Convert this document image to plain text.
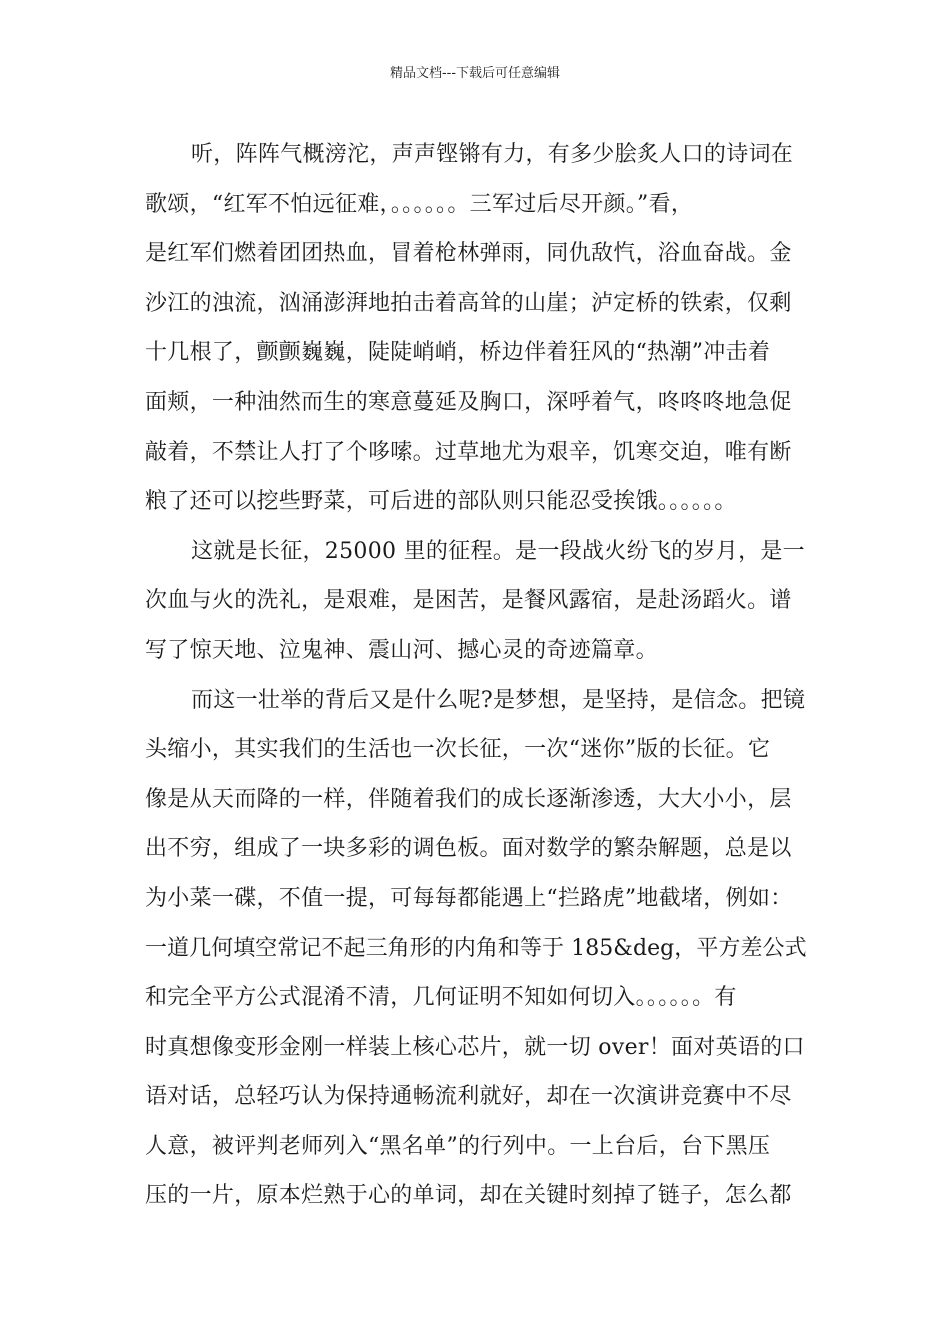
精品文档---下载后可任意编辑
听，阵阵气概滂沱，声声铿锵有力，有多少脍炙人口的诗词在
歌颂，“红军不怕远征难，。。。。。。三军过后尽开颜。”看，
是红军们燃着团团热血，冒着枪林弹雨，同仇敌忾，浴血奋战。金
沙江的浊流，汹涌澎湃地拍击着高耸的山崖；泸定桥的铁索，仅剩
十几根了，颤颤巍巍，陡陡峭峭，桥边伴着狂风的“热潮”冲击着
面颊，一种油然而生的寒意蔓延及胸口，深呼着气，咚咚咚地急促
敲着，不禁让人打了个哆嗦。过草地尤为艰辛，饥寒交迫，唯有断
粮了还可以挖些野菜，可后进的部队则只能忍受挨饿。。。。。。
这就是长征，25000 里的征程。是一段战火纷飞的岁月，是一
次血与火的洗礼，是艰难，是困苦，是餐风露宿，是赴汤蹈火。谱
写了惊天地、泣鬼神、震山河、撼心灵的奇迹篇章。
而这一壮举的背后又是什么呢?是梦想，是坚持，是信念。把镜
头缩小，其实我们的生活也一次长征，一次“迷你”版的长征。它
像是从天而降的一样，伴随着我们的成长逐渐渗透，大大小小，层
出不穷，组成了一块多彩的调色板。面对数学的繁杂解题，总是以
为小菜一碟，不值一提，可每每都能遇上“拦路虎”地截堵，例如：
一道几何填空常记不起三角形的内角和等于 185&deg，平方差公式
和完全平方公式混淆不清，几何证明不知如何切入。。。。。。有
时真想像变形金刚一样装上核心芯片，就一切 over！面对英语的口
语对话，总轻巧认为保持通畅流利就好，却在一次演讲竞赛中不尽
人意，被评判老师列入“黑名单”的行列中。一上台后，台下黑压
压的一片，原本烂熟于心的单词，却在关键时刻掉了链子，怎么都
